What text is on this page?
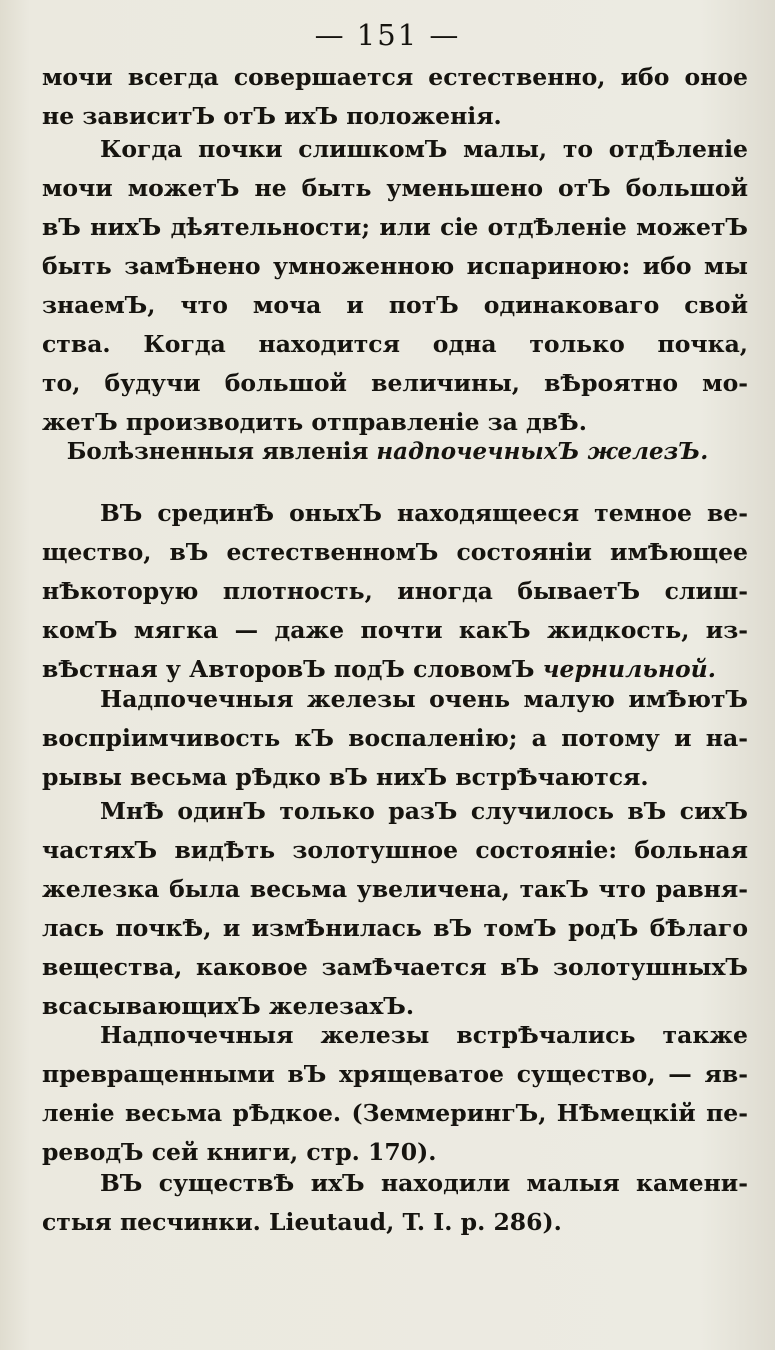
— 151 —
мочи всегда совершается естественно, ибо оное
не зависитЪ отЪ ихЪ положенія.
Когда почки слишкомЪ малы, то отдѢленіе
мочи можетЪ не быть уменьшено отЪ большой
вЪ нихЪ дѣятельности; или сіе отдѢленіе можетЪ
быть замѢнено умноженною испариною: ибо мы
знаемЪ, что моча и потЪ одинаковаго свой
ства. Когда находится одна только почка,
то, будучи большой величины, вѢроятно мо-
жетЪ производить отправленіе за двѢ.
Болѣзненныя явленія надпочечныхЪ железЪ.
ВЪ срединѢ оныхЪ находящееся темное ве-
щество, вЪ естественномЪ состояніи имѢющее
нѢкоторую плотность, иногда бываетЪ слиш-
комЪ мягка — даже почти какЪ жидкость, из-
вѢстная у АвторовЪ подЪ словомЪ чернильной.
Надпочечныя железы очень малую имѢютЪ
воспріимчивость кЪ воспаленію; а потому и на-
рывы весьма рѢдко вЪ нихЪ встрѢчаются.
МнѢ одинЪ только разЪ случилось вЪ сихЪ
частяхЪ видѢть золотушное состояніе: больная
железка была весьма увеличена, такЪ что равня-
лась почкѢ, и измѢнилась вЪ томЪ родЪ бѢлаго
вещества, каковое замѢчается вЪ золотушныхЪ
всасывающихЪ железахЪ.
Надпочечныя железы встрѢчались также
превращенными вЪ хрящеватое существо, — яв-
леніе весьма рѢдкое. (ЗеммерингЪ, НѢмецкій пе-
реводЪ сей книги, стр. 170).
ВЪ существѢ ихЪ находили малыя камени-
стыя песчинки. Lieutaud, T. I. p. 286).
